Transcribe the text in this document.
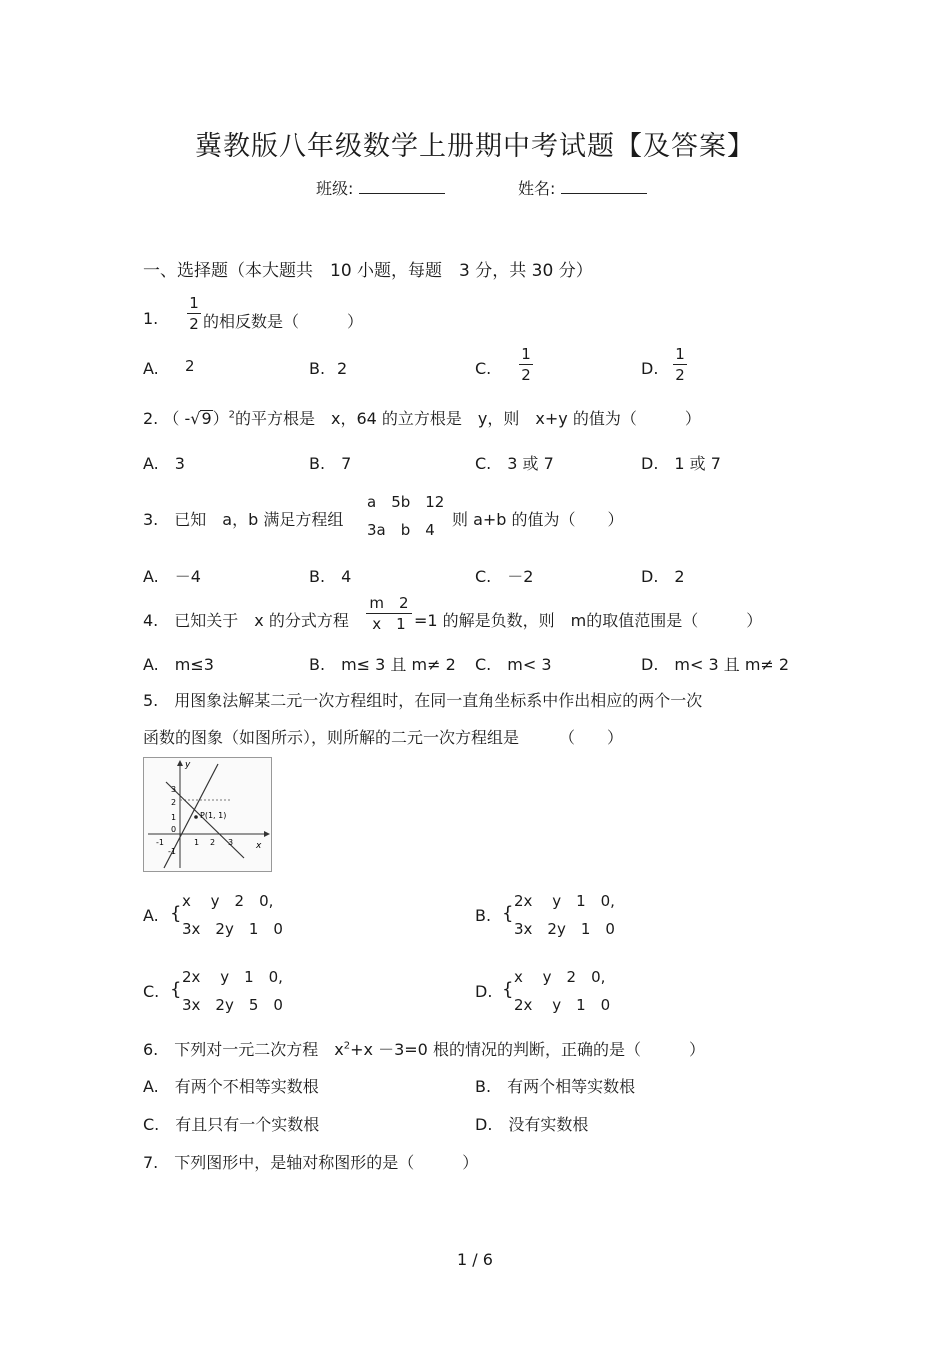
冀教版八年级数学上册期中考试题【及答案】
班级:	姓名:
一、选择题（本大题共　10 小题，每题　3 分，共 30 分）
1.
1
2 的相反数是（　　　）
A. 2	B. 2	C.
1
2	D.
1
2
2. （ -√9）$^2$的平方根是　x，64 的立方根是　y，则　x+y 的值为（　　　）
A.　3	B.　7	C.　3 或 7	D.　1 或 7
3.　已知　a，b 满足方程组
a　5b　12
3a　b　4
则 a+b 的值为（　　）
A.　－4	B.　4	C.　－2	D.　2
4.　已知关于　x 的分式方程
m　2
x　1 =1 的解是负数，则　m的取值范围是（　　　）
A.　m≤3	B.　m≤ 3 且 m≠ 2 C.　m< 3	D.　m< 3 且 m≠ 2
5.　用图象法解某二元一次方程组时，在同一直角坐标系中作出相应的两个一次
函数的图象（如图所示），则所解的二元一次方程组是　　　（　　）
y
x
P(1, 1)
3
2
1
0
-1
-1	1 2 3
A. {
x　 y　2　0,
3x　2y　1　0
B. {
2x　 y　1　0,
3x　2y　1　0
C. {
2x　 y　1　0,
3x　2y　5　0
D. {
x　 y　2　0,
2x　 y　1　0
6.　下列对一元二次方程　$x^2+x -3=0$ 根的情况的判断，正确的是（　　　）
A.　有两个不相等实数根	B.　有两个相等实数根
C.　有且只有一个实数根	D.　没有实数根
7.　下列图形中，是轴对称图形的是（　　　）
1 / 6
